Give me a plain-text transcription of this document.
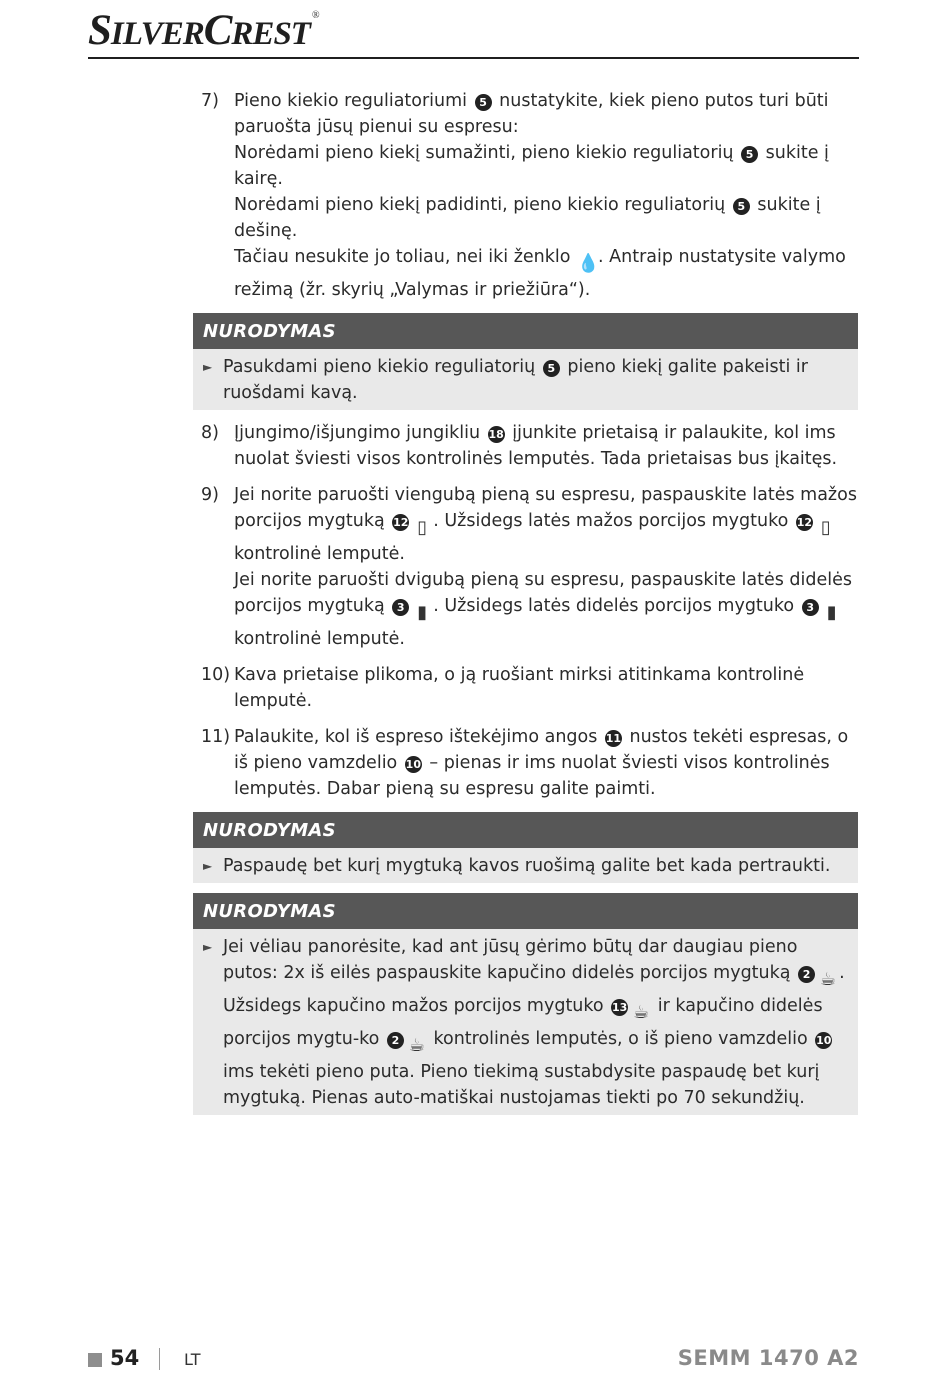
SILVERCREST®
7) Pieno kiekio reguliatoriumi 5 nustatykite, kiek pieno putos turi būti paruošta jūsų pienui su espresu:
Norėdami pieno kiekį sumažinti, pieno kiekio reguliatorių 5 sukite į kairę.
Norėdami pieno kiekį padidinti, pieno kiekio reguliatorių 5 sukite į dešinę.
Tačiau nesukite jo toliau, nei iki ženklo 💧. Antraip nustatysite valymo režimą (žr. skyrių „Valymas ir priežiūra“).
NURODYMAS
► Pasukdami pieno kiekio reguliatorių 5 pieno kiekį galite pakeisti ir ruošdami kavą.
8) Įjungimo/išjungimo jungikliu 18 įjunkite prietaisą ir palaukite, kol ims nuolat šviesti visos kontrolinės lemputės. Tada prietaisas bus įkaitęs.
9) Jei norite paruošti viengubą pieną su espresu, paspauskite latės mažos porcijos mygtuką 12 ▯ . Užsidegs latės mažos porcijos mygtuko 12 ▯ kontrolinė lemputė.
Jei norite paruošti dvigubą pieną su espresu, paspauskite latės didelės porcijos mygtuką 3 ▮ . Užsidegs latės didelės porcijos mygtuko 3 ▮ kontrolinė lemputė.
10) Kava prietaise plikoma, o ją ruošiant mirksi atitinkama kontrolinė lemputė.
11) Palaukite, kol iš espreso ištekėjimo angos 11 nustos tekėti espresas, o iš pieno vamzdelio 10 – pienas ir ims nuolat šviesti visos kontrolinės lemputės. Dabar pieną su espresu galite paimti.
NURODYMAS
► Paspaudę bet kurį mygtuką kavos ruošimą galite bet kada pertraukti.
NURODYMAS
► Jei vėliau panorėsite, kad ant jūsų gėrimo būtų dar daugiau pieno putos: 2x iš eilės paspauskite kapučino didelės porcijos mygtuką 2 ☕ . Užsidegs kapučino mažos porcijos mygtuko 13 ☕ ir kapučino didelės porcijos mygtu-ko 2 ☕ kontrolinės lemputės, o iš pieno vamzdelio 10 ims tekėti pieno puta. Pieno tiekimą sustabdysite paspaudę bet kurį mygtuką. Pienas auto-matiškai nustojamas tiekti po 70 sekundžių.
54	LT	SEMM 1470 A2
